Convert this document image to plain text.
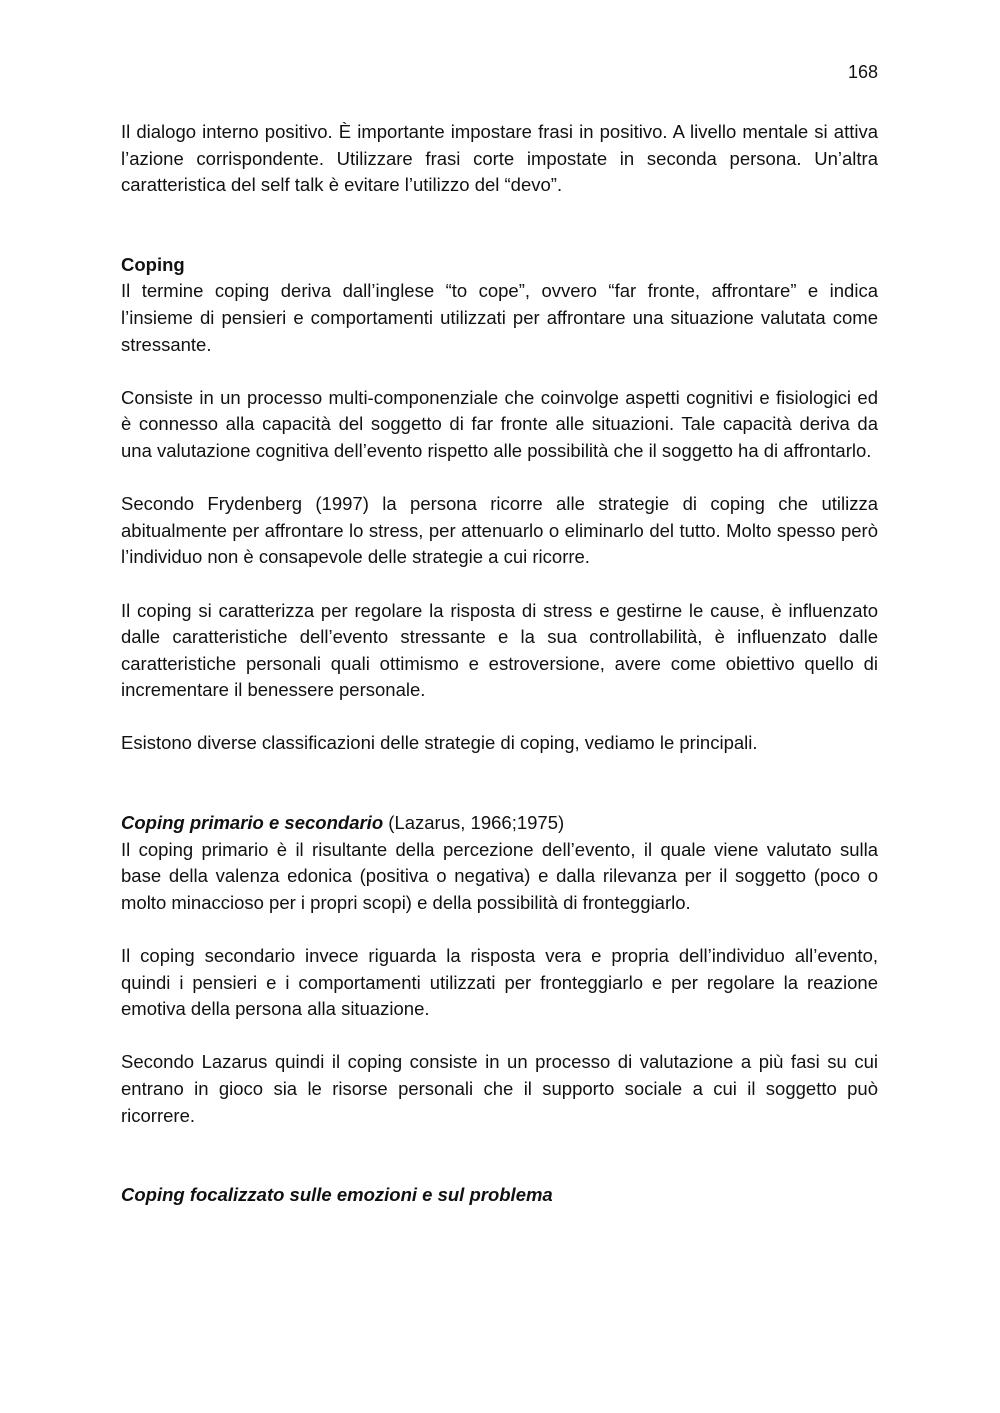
168

Il dialogo interno positivo. È importante impostare frasi in positivo. A livello mentale si attiva l’azione corrispondente. Utilizzare frasi corte impostate in seconda persona. Un’altra caratteristica del self talk è evitare l’utilizzo del “devo”.

Coping

Il termine coping deriva dall’inglese “to cope”, ovvero “far fronte, affrontare” e indica l’insieme di pensieri e comportamenti utilizzati per affrontare una situazione valutata come stressante.

Consiste in un processo multi-componenziale che coinvolge aspetti cognitivi e fisiologici ed è connesso alla capacità del soggetto di far fronte alle situazioni. Tale capacità deriva da una valutazione cognitiva dell’evento rispetto alle possibilità che il soggetto ha di affrontarlo.

Secondo Frydenberg (1997) la persona ricorre alle strategie di coping che utilizza abitualmente per affrontare lo stress, per attenuarlo o eliminarlo del tutto. Molto spesso però l’individuo non è consapevole delle strategie a cui ricorre.

Il coping si caratterizza per regolare la risposta di stress e gestirne le cause, è influenzato dalle caratteristiche dell’evento stressante e la sua controllabilità, è influenzato dalle caratteristiche personali quali ottimismo e estroversione, avere come obiettivo quello di incrementare il benessere personale.

Esistono diverse classificazioni delle strategie di coping, vediamo le principali.

Coping primario e secondario (Lazarus, 1966;1975)

Il coping primario è il risultante della percezione dell’evento, il quale viene valutato sulla base della valenza edonica (positiva o negativa) e dalla rilevanza per il soggetto (poco o molto minaccioso per i propri scopi) e della possibilità di fronteggiarlo.

Il coping secondario invece riguarda la risposta vera e propria dell’individuo all’evento, quindi i pensieri e i comportamenti utilizzati per fronteggiarlo e per regolare la reazione emotiva della persona alla situazione.

Secondo Lazarus quindi il coping consiste in un processo di valutazione a più fasi su cui entrano in gioco sia le risorse personali che il supporto sociale a cui il soggetto può ricorrere.

Coping focalizzato sulle emozioni e sul problema
